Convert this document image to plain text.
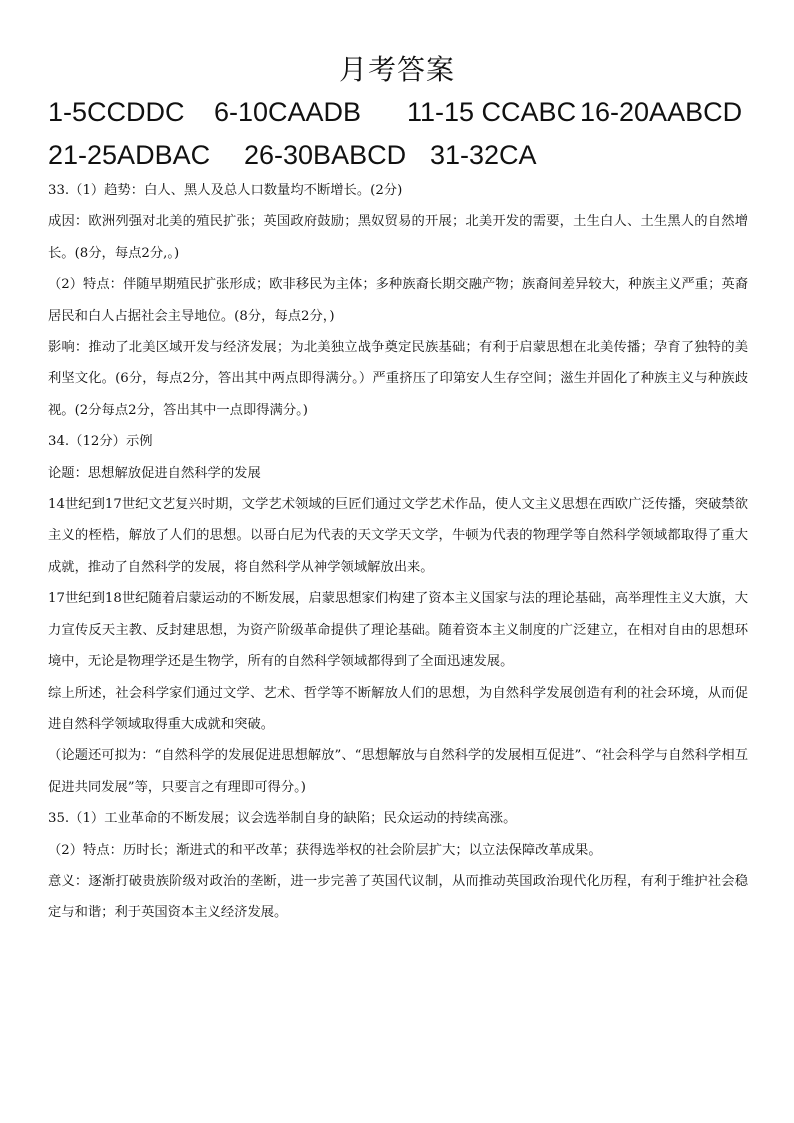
月考答案
1-5CCDDC 6-10CAADB 11-15 CCABC 16-20AABCD
21-25ADBAC 26-30BABCD 31-32CA

33.（1）趋势：白人、黑人及总人口数量均不断增长。(2分)

成因：欧洲列强对北美的殖民扩张；英国政府鼓励；黑奴贸易的开展；北美开发的需要，土生白人、土生黑人的自然增长。(8分，每点2分,。)

（2）特点：伴随早期殖民扩张形成；欧非移民为主体；多种族裔长期交融产物；族裔间差异较大，种族主义严重；英裔居民和白人占据社会主导地位。(8分，每点2分，)

影响：推动了北美区域开发与经济发展；为北美独立战争奠定民族基础；有利于启蒙思想在北美传播；孕育了独特的美利坚文化。(6分，每点2分，答出其中两点即得满分。）严重挤压了印第安人生存空间；滋生并固化了种族主义与种族歧视。(2分每点2分，答出其中一点即得满分。)

34.（12分）示例

论题：思想解放促进自然科学的发展

14世纪到17世纪文艺复兴时期，文学艺术领域的巨匠们通过文学艺术作品，使人文主义思想在西欧广泛传播，突破禁欲主义的桎梏，解放了人们的思想。以哥白尼为代表的天文学天文学，牛顿为代表的物理学等自然科学领域都取得了重大成就，推动了自然科学的发展，将自然科学从神学领域解放出来。

17世纪到18世纪随着启蒙运动的不断发展，启蒙思想家们构建了资本主义国家与法的理论基础，高举理性主义大旗，大力宣传反天主教、反封建思想，为资产阶级革命提供了理论基础。随着资本主义制度的广泛建立，在相对自由的思想环境中，无论是物理学还是生物学，所有的自然科学领域都得到了全面迅速发展。

综上所述，社会科学家们通过文学、艺术、哲学等不断解放人们的思想，为自然科学发展创造有利的社会环境，从而促进自然科学领域取得重大成就和突破。

（论题还可拟为：“自然科学的发展促进思想解放”、“思想解放与自然科学的发展相互促进”、“社会科学与自然科学相互促进共同发展”等，只要言之有理即可得分。)

35.（1）工业革命的不断发展；议会选举制自身的缺陷；民众运动的持续高涨。

（2）特点：历时长；渐进式的和平改革；获得选举权的社会阶层扩大；以立法保障改革成果。

意义：逐渐打破贵族阶级对政治的垄断，进一步完善了英国代议制，从而推动英国政治现代化历程，有利于维护社会稳定与和谐；利于英国资本主义经济发展。
